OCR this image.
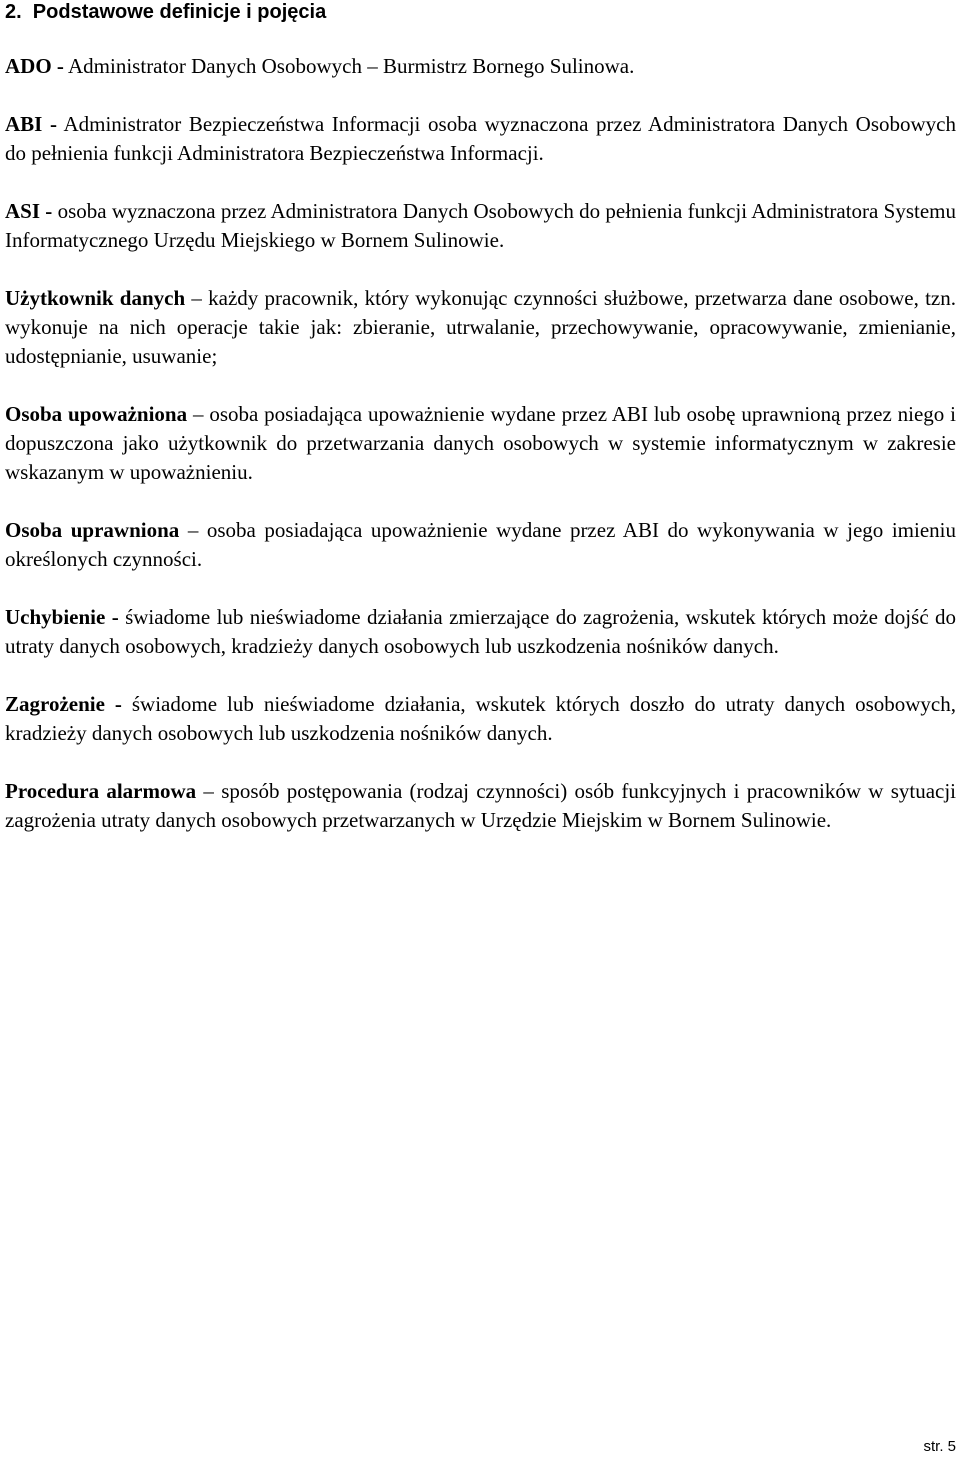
2.  Podstawowe definicje i pojęcia

ADO - Administrator Danych Osobowych – Burmistrz Bornego Sulinowa.

ABI - Administrator Bezpieczeństwa Informacji osoba wyznaczona przez Administratora Danych Osobowych do pełnienia funkcji Administratora Bezpieczeństwa Informacji.

ASI - osoba wyznaczona przez Administratora Danych Osobowych do pełnienia funkcji Administratora Systemu Informatycznego Urzędu Miejskiego w Bornem Sulinowie.

Użytkownik danych – każdy pracownik, który wykonując czynności służbowe, przetwarza dane osobowe, tzn. wykonuje na nich operacje takie jak: zbieranie, utrwalanie, przechowywanie, opracowywanie, zmienianie, udostępnianie, usuwanie;

Osoba upoważniona – osoba posiadająca upoważnienie wydane przez ABI lub osobę uprawnioną przez niego i dopuszczona jako użytkownik do przetwarzania danych osobowych w systemie informatycznym w zakresie wskazanym w upoważnieniu.

Osoba uprawniona – osoba posiadająca upoważnienie wydane przez ABI do wykonywania w jego imieniu określonych czynności.

Uchybienie - świadome lub nieświadome działania zmierzające do zagrożenia, wskutek których może dojść do utraty danych osobowych, kradzieży danych osobowych lub uszkodzenia nośników danych.

Zagrożenie - świadome lub nieświadome działania, wskutek których doszło do utraty danych osobowych, kradzieży danych osobowych lub uszkodzenia nośników danych.

Procedura alarmowa – sposób postępowania (rodzaj czynności) osób funkcyjnych i pracowników w sytuacji zagrożenia utraty danych osobowych przetwarzanych w Urzędzie Miejskim w Bornem Sulinowie.

str. 5
